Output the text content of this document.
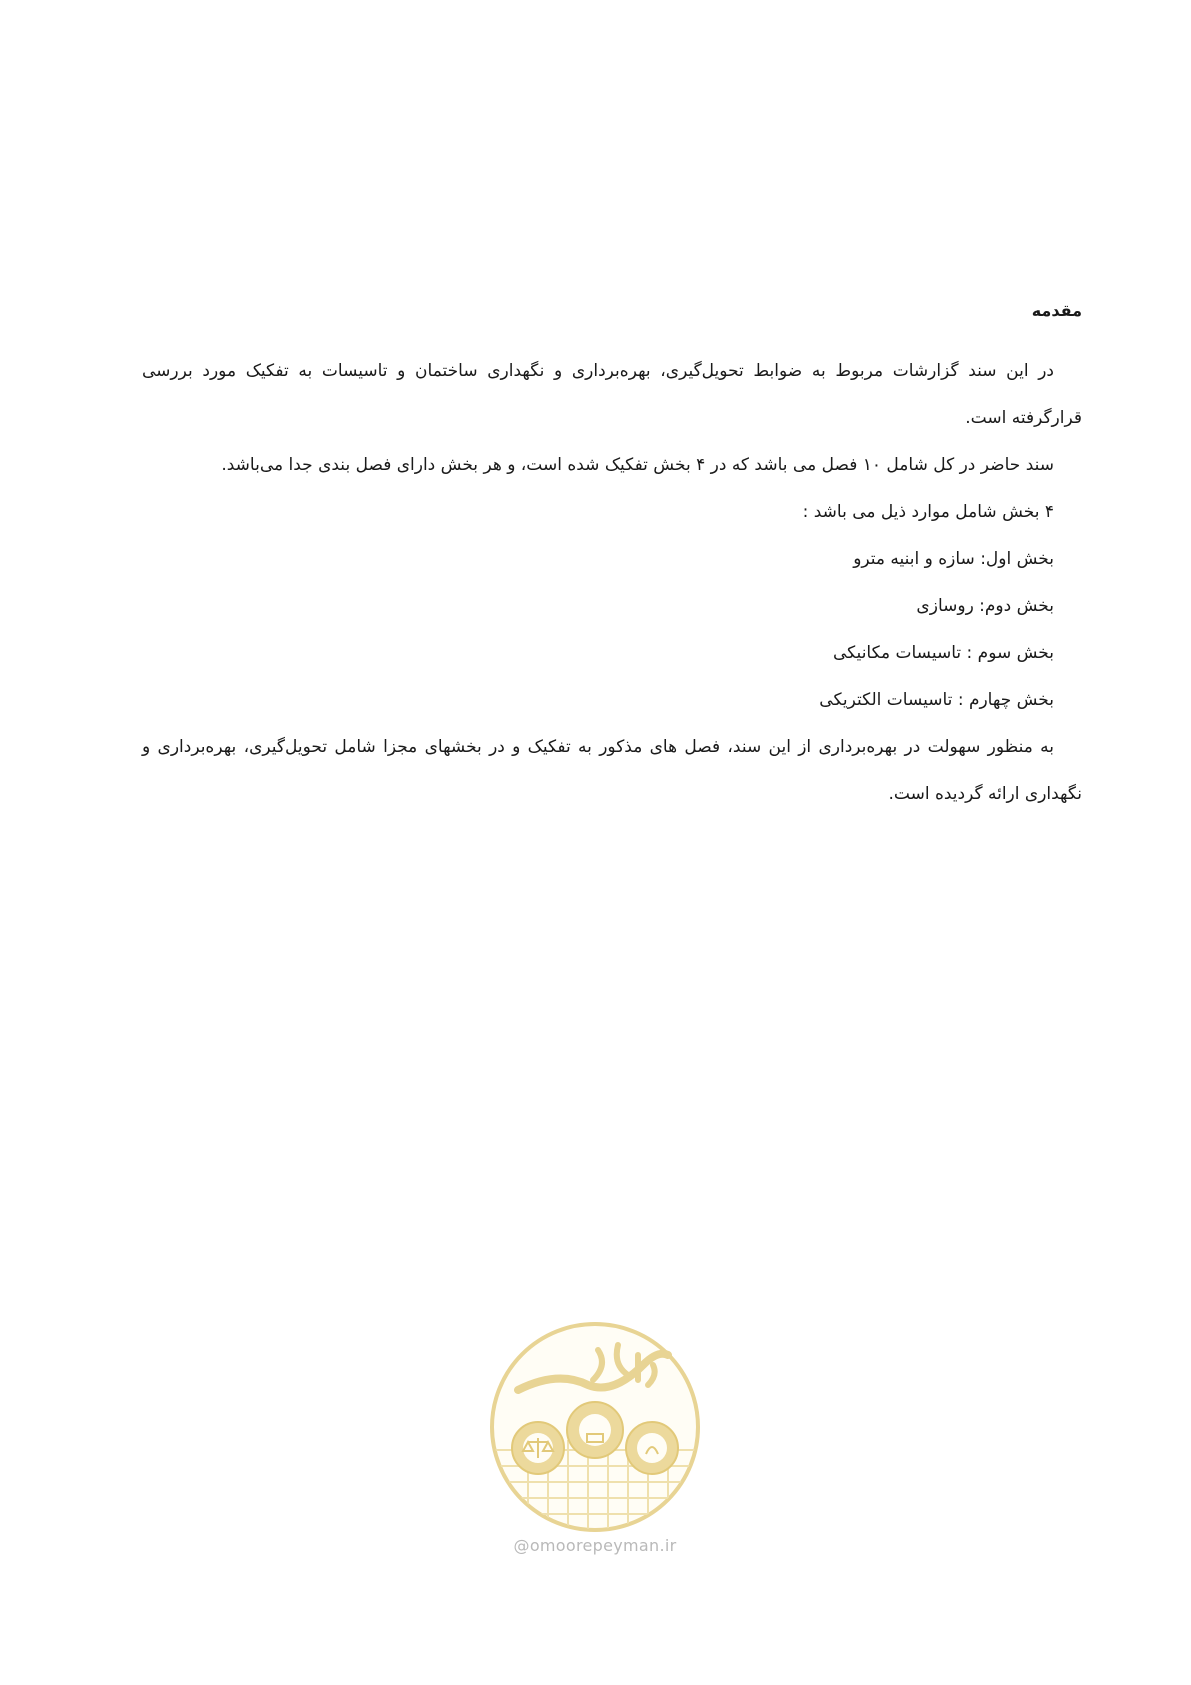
مقدمه

در این سند گزارشات مربوط به ضوابط تحویل‌گیری، بهره‌برداری و نگهداری ساختمان و تاسیسات به تفکیک مورد بررسی قرارگرفته است.

سند حاضر در کل شامل ۱۰ فصل می باشد که در ۴ بخش تفکیک شده است، و هر بخش دارای فصل بندی جدا می‌باشد.

۴ بخش شامل موارد ذیل می باشد :

بخش اول: سازه و ابنیه مترو

بخش دوم: روسازی

بخش سوم : تاسیسات مکانیکی

بخش چهارم : تاسیسات الکتریکی

به منظور سهولت در بهره‌برداری از این سند، فصل های مذکور به تفکیک و در بخشهای مجزا شامل تحویل‌گیری، بهره‌برداری و نگهداری ارائه گردیده است.

@omoorepeyman.ir
